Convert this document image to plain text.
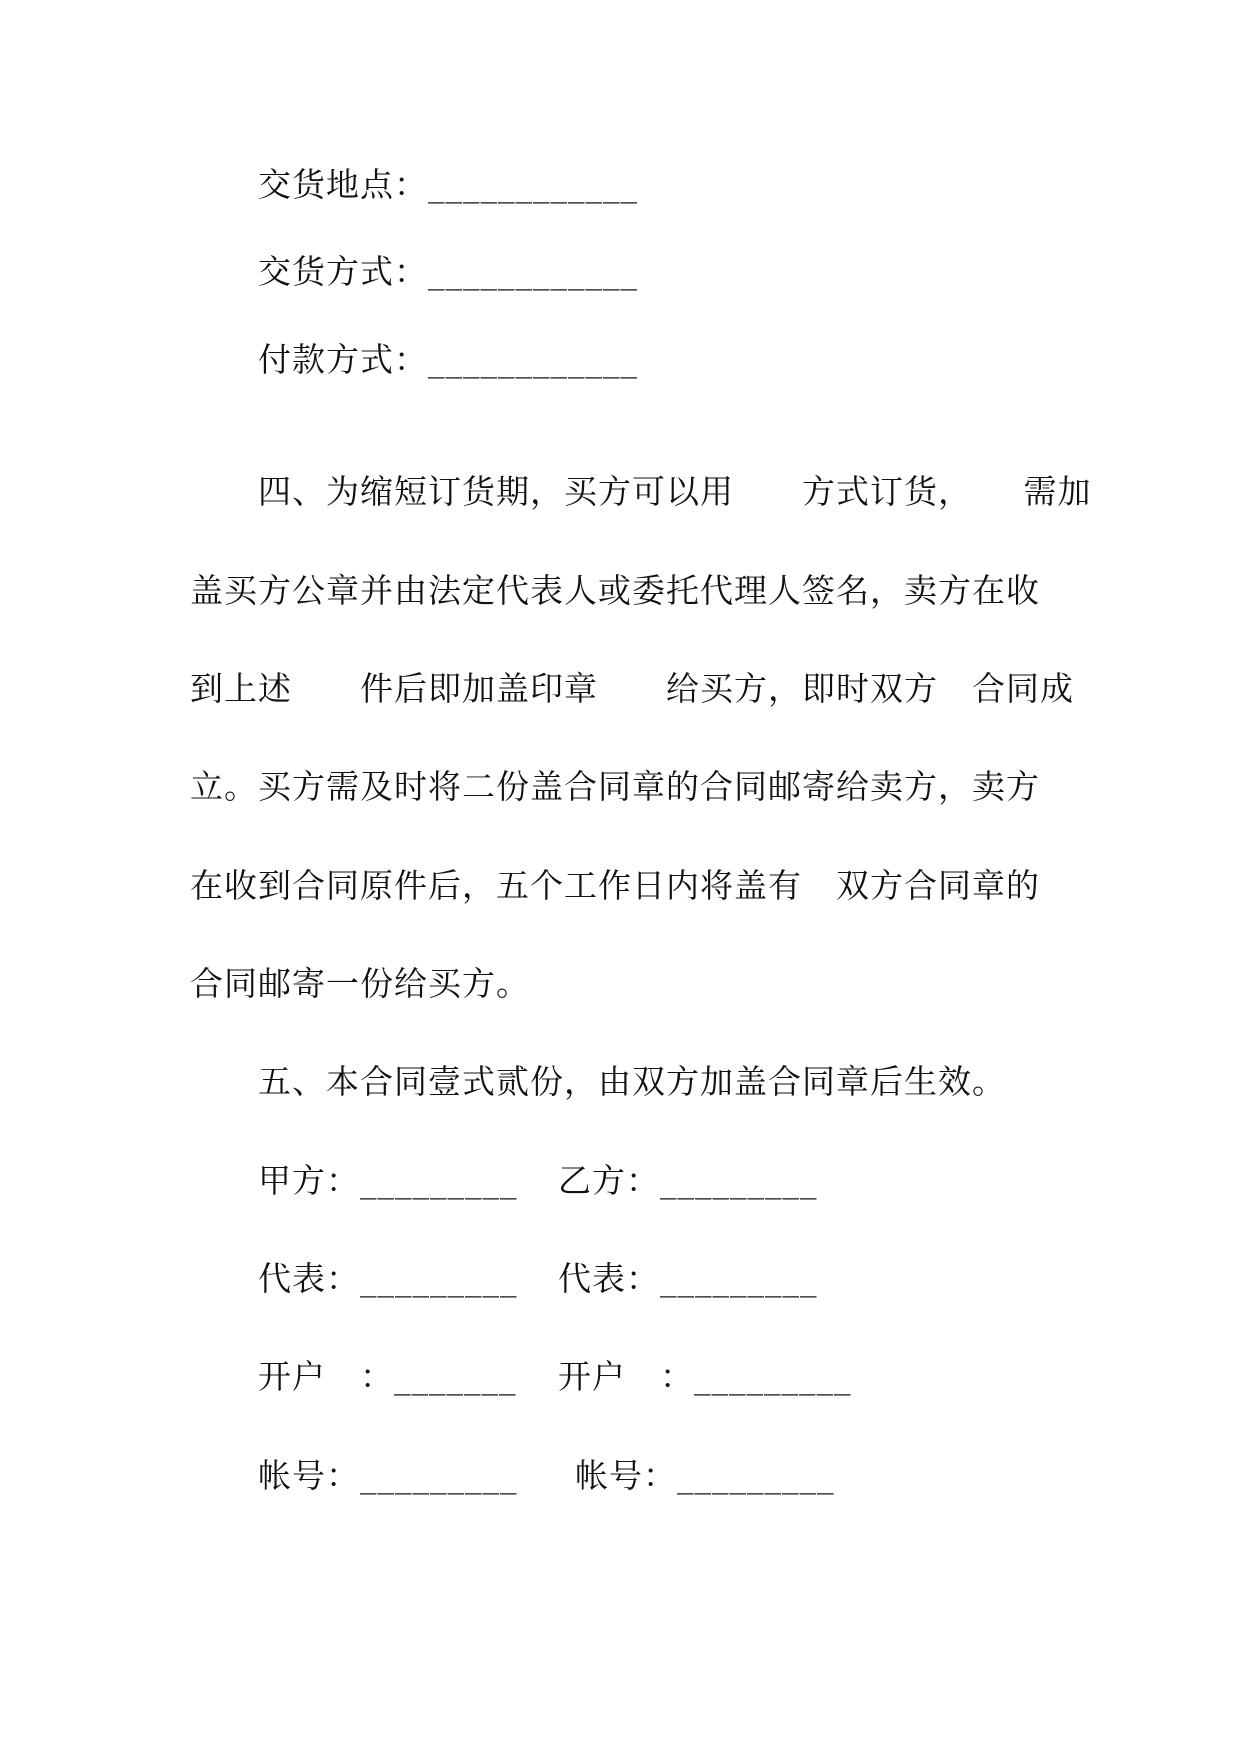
交货地点：____________
交货方式：____________
付款方式：____________
四、为缩短订货期，买方可以用　　方式订货，　　需加
盖买方公章并由法定代表人或委托代理人签名，卖方在收
到上述　　件后即加盖印章　　给买方，即时双方　合同成
立。买方需及时将二份盖合同章的合同邮寄给卖方，卖方
在收到合同原件后，五个工作日内将盖有　双方合同章的
合同邮寄一份给买方。
五、本合同壹式贰份，由双方加盖合同章后生效。
甲方：_________ 乙方：_________
代表：_________ 代表：_________
开户　：_______ 开户　：_________
帐号：_________ 帐号：_________
